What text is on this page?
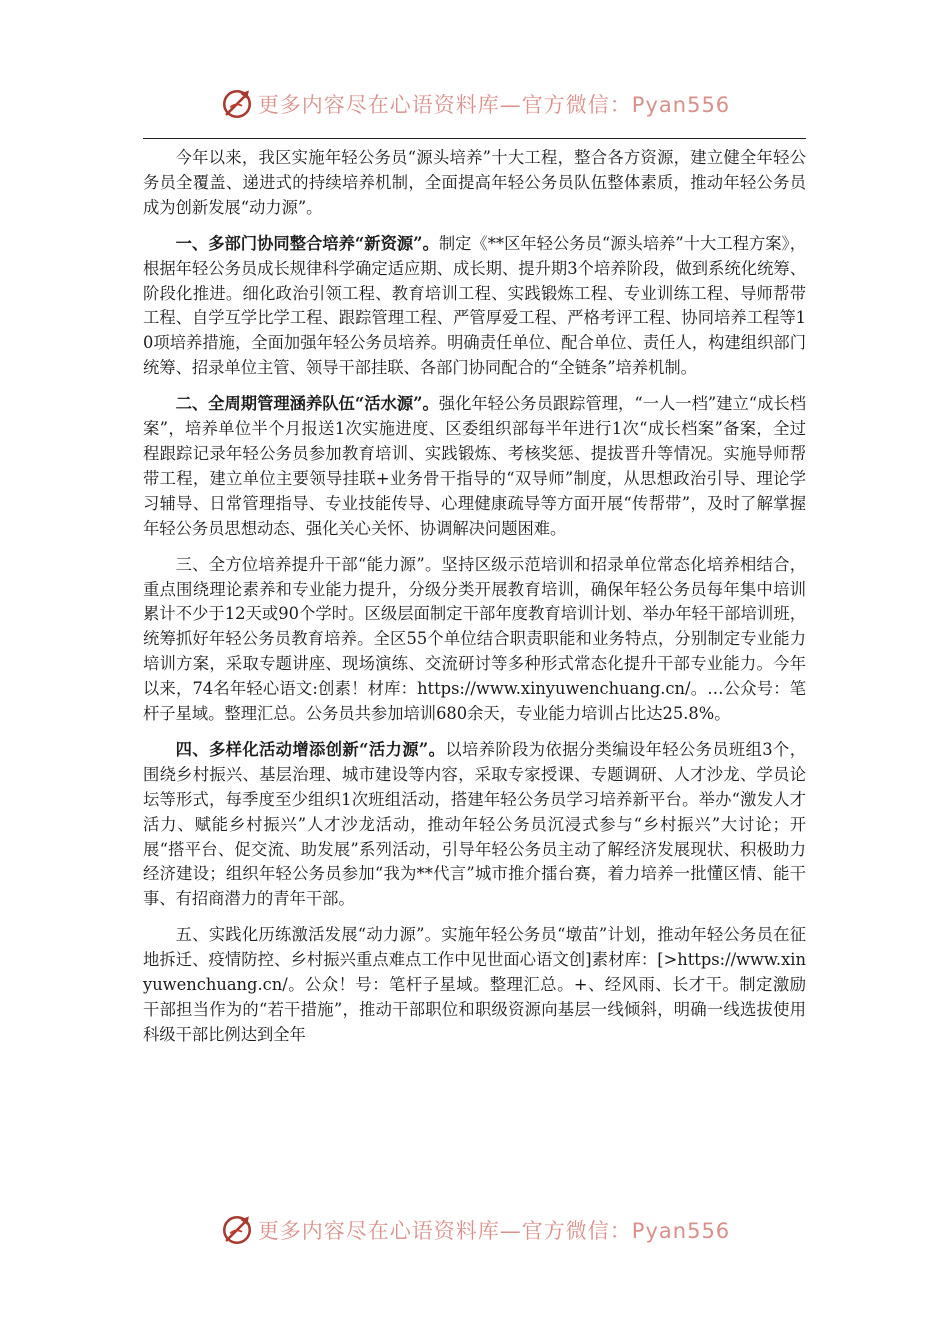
更多内容尽在心语资料库—官方微信：Pyan556

今年以来，我区实施年轻公务员“源头培养”十大工程，整合各方资源，建立健全年轻公务员全覆盖、递进式的持续培养机制，全面提高年轻公务员队伍整体素质，推动年轻公务员成为创新发展“动力源”。

一、多部门协同整合培养“新资源”。制定《**区年轻公务员“源头培养”十大工程方案》，根据年轻公务员成长规律科学确定适应期、成长期、提升期3个培养阶段，做到系统化统筹、阶段化推进。细化政治引领工程、教育培训工程、实践锻炼工程、专业训练工程、导师帮带工程、自学互学比学工程、跟踪管理工程、严管厚爱工程、严格考评工程、协同培养工程等10项培养措施，全面加强年轻公务员培养。明确责任单位、配合单位、责任人，构建组织部门统筹、招录单位主管、领导干部挂联、各部门协同配合的“全链条”培养机制。

二、全周期管理涵养队伍“活水源”。强化年轻公务员跟踪管理，“一人一档”建立“成长档案”，培养单位半个月报送1次实施进度、区委组织部每半年进行1次“成长档案”备案，全过程跟踪记录年轻公务员参加教育培训、实践锻炼、考核奖惩、提拔晋升等情况。实施导师帮带工程，建立单位主要领导挂联+业务骨干指导的“双导师”制度，从思想政治引导、理论学习辅导、日常管理指导、专业技能传导、心理健康疏导等方面开展“传帮带”，及时了解掌握年轻公务员思想动态、强化关心关怀、协调解决问题困难。

三、全方位培养提升干部“能力源”。坚持区级示范培训和招录单位常态化培养相结合，重点围绕理论素养和专业能力提升，分级分类开展教育培训，确保年轻公务员每年集中培训累计不少于12天或90个学时。区级层面制定干部年度教育培训计划、举办年轻干部培训班，统筹抓好年轻公务员教育培养。全区55个单位结合职责职能和业务特点，分别制定专业能力培训方案，采取专题讲座、现场演练、交流研讨等多种形式常态化提升干部专业能力。今年以来，74名年轻心语文:创素！材库：https://www.xinyuwenchuang.cn/。…公众号：笔杆子星域。整理汇总。公务员共参加培训680余天，专业能力培训占比达25.8%。

四、多样化活动增添创新“活力源”。以培养阶段为依据分类编设年轻公务员班组3个，围绕乡村振兴、基层治理、城市建设等内容，采取专家授课、专题调研、人才沙龙、学员论坛等形式，每季度至少组织1次班组活动，搭建年轻公务员学习培养新平台。举办“激发人才活力、赋能乡村振兴”人才沙龙活动，推动年轻公务员沉浸式参与“乡村振兴”大讨论；开展“搭平台、促交流、助发展”系列活动，引导年轻公务员主动了解经济发展现状、积极助力经济建设；组织年轻公务员参加“我为**代言”城市推介擂台赛，着力培养一批懂区情、能干事、有招商潜力的青年干部。

五、实践化历练激活发展“动力源”。实施年轻公务员“墩苗”计划，推动年轻公务员在征地拆迁、疫情防控、乡村振兴重点难点工作中见世面心语文创]素材库：[>https://www.xinyuwenchuang.cn/。公众！号：笔杆子星域。整理汇总。+、经风雨、长才干。制定激励干部担当作为的“若干措施”，推动干部职位和职级资源向基层一线倾斜，明确一线选拔使用科级干部比例达到全年

更多内容尽在心语资料库—官方微信：Pyan556
